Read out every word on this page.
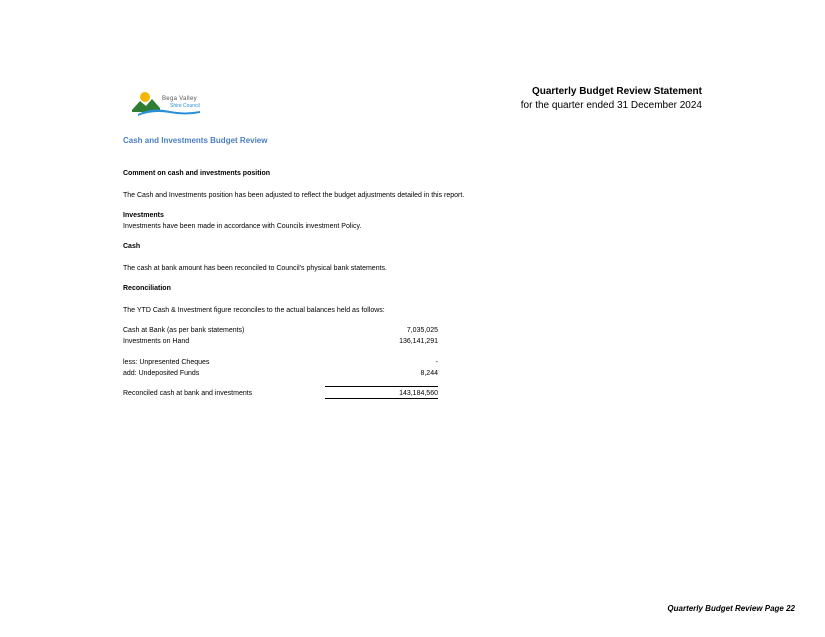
Bega Valley
Shire Council
Quarterly Budget Review Statement
for the quarter ended 31 December 2024
Cash and Investments Budget Review
Comment on cash and investments position
The Cash and Investments position has been adjusted to reflect the budget adjustments detailed in this report.
Investments
Investments have been made in accordance with Councils investment Policy.
Cash
The cash at bank amount has been reconciled to Council's physical bank statements.
Reconciliation
The YTD Cash & Investment figure reconciles to the actual balances held as follows:
Cash at Bank (as per bank statements)	7,035,025
Investments on Hand	136,141,291
less: Unpresented Cheques	-
add: Undeposited Funds	8,244
Reconciled cash at bank and investments	143,184,560
Quarterly Budget Review Page 22
